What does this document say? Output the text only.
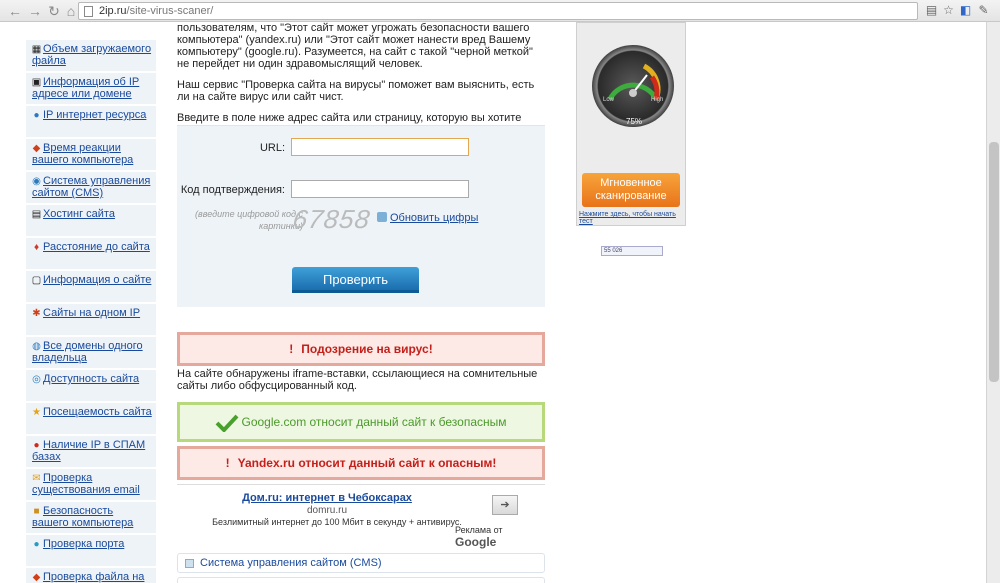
← → ↻ ⌂	2ip.ru/site-virus-scaner/	▤ ☆ ◧ ✎
▦ Объем загружаемого файла
▣ Информация об IP адресе или домене
● IP интернет ресурса
◆ Время реакции вашего компьютера
◉ Система управления сайтом (CMS)
▤ Хостинг сайта
♦ Расстояние до сайта
▢ Информация о сайте
✱ Сайты на одном IP
◍ Все домены одного владельца
◎ Доступность сайта
★ Посещаемость сайта
● Наличие IP в СПАМ базах
✉ Проверка существования email
■ Безопасность вашего компьютера
● Проверка порта
◆ Проверка файла на

пользователям, что "Этот сайт может угрожать безопасности вашего компьютера" (yandex.ru) или "Этот сайт может нанести вред Вашему компьютеру" (google.ru). Разумеется, на сайт с такой "черной меткой" не перейдет ни один здравомыслящий человек.

Наш сервис "Проверка сайта на вирусы" поможет вам выяснить, есть ли на сайте вирус или сайт чист.

Введите в поле ниже адрес сайта или страницу, которую вы хотите

URL:
Код подтверждения:
(введите цифровой код с картинки)
67858 Обновить цифры
Проверить
! Подозрение на вирус!
На сайте обнаружены iframe-вставки, ссылающиеся на сомнительные сайты либо обфусцированный код.
Google.com относит данный сайт к безопасным
! Yandex.ru относит данный сайт к опасным!
Дом.ru: интернет в Чебоксарах
domru.ru
Безлимитный интернет до 100 Мбит в секунду + антивирус.
➔
Реклама от Google
Система управления сайтом (CMS)
Low	High
75%
Мгновенное сканирование
Нажмите здесь, чтобы начать тест
55 026
